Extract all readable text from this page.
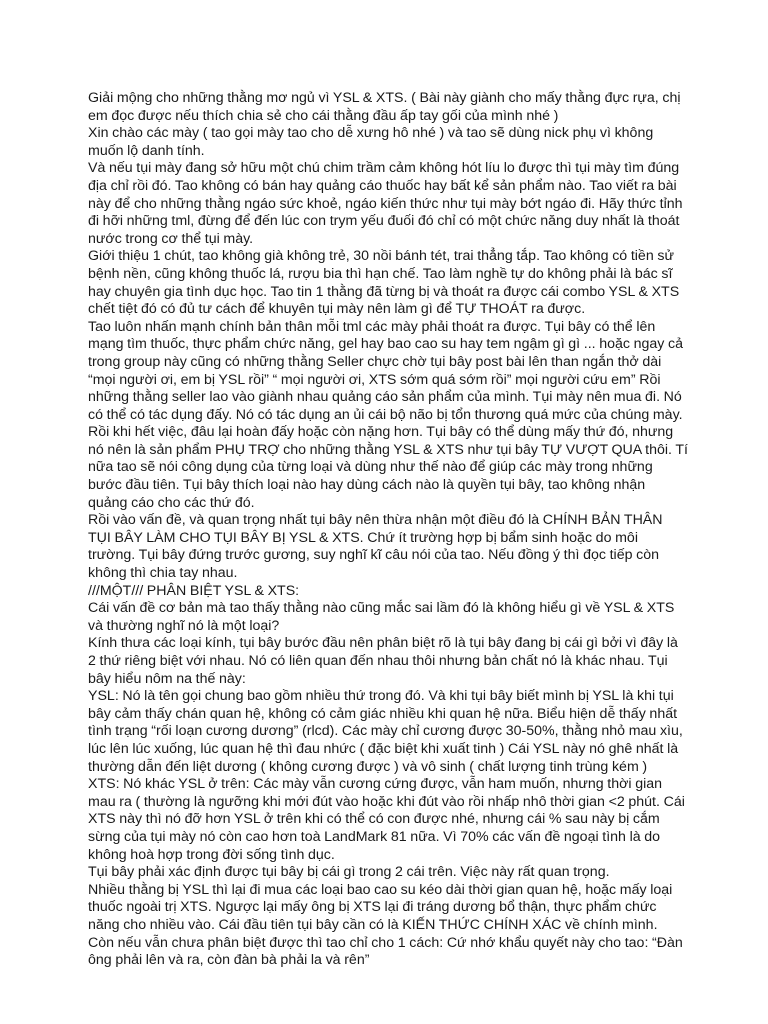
Giải mộng cho những thằng mơ ngủ vì YSL & XTS. ( Bài này giành cho mấy thằng đực rựa, chị em đọc được nếu thích chia sẻ cho cái thằng đầu ấp tay gối của mình nhé )

Xin chào các mày ( tao gọi mày tao cho dễ xưng hô nhé ) và tao sẽ dùng nick phụ vì không muốn lộ danh tính.

Và nếu tụi mày đang sở hữu một chú chim trầm cảm không hót líu lo được thì tụi mày tìm đúng địa chỉ rồi đó. Tao không có bán hay quảng cáo thuốc hay bất kể sản phẩm nào. Tao viết ra bài này để cho những thằng ngáo sức khoẻ, ngáo kiến thức như tụi mày bớt ngáo đi. Hãy thức tỉnh đi hỡi những tml, đừng để đến lúc con trym yếu đuối đó chỉ có một chức năng duy nhất là thoát nước trong cơ thể tụi mày.

Giới thiệu 1 chút, tao không già không trẻ, 30 nồi bánh tét, trai thẳng tắp. Tao không có tiền sử bệnh nền, cũng không thuốc lá, rượu bia thì hạn chế. Tao làm nghề tự do không phải là bác sĩ hay chuyên gia tình dục học. Tao tin 1 thằng đã từng bị và thoát ra được cái combo YSL & XTS chết tiệt đó có đủ tư cách để khuyên tụi mày nên làm gì để TỰ THOÁT ra được.

Tao luôn nhấn mạnh chính bản thân mỗi tml các mày phải thoát ra được. Tụi bây có thể lên mạng tìm thuốc, thực phẩm chức năng, gel hay bao cao su hay tem ngậm gì gì ... hoặc ngay cả trong group này cũng có những thằng Seller chực chờ tụi bây post bài lên than ngắn thở dài “mọi người ơi, em bị YSL rồi” “ mọi người ơi, XTS sớm quá sớm rồi” mọi người cứu em” Rồi những thằng seller lao vào giành nhau quảng cáo sản phẩm của mình. Tụi mày nên mua đi. Nó có thể có tác dụng đấy. Nó có tác dụng an ủi cái bộ não bị tổn thương quá mức của chúng mày. Rồi khi hết việc, đâu lại hoàn đấy hoặc còn nặng hơn. Tụi bây có thể dùng mấy thứ đó, nhưng nó nên là sản phẩm PHỤ TRỢ cho những thằng YSL & XTS như tụi bây TỰ VƯỢT QUA thôi. Tí nữa tao sẽ nói công dụng của từng loại và dùng như thế nào để giúp các mày trong những bước đầu tiên. Tụi bây thích loại nào hay dùng cách nào là quyền tụi bây, tao không nhận quảng cáo cho các thứ đó.

Rồi vào vấn đề, và quan trọng nhất tụi bây nên thừa nhận một điều đó là CHÍNH BẢN THÂN TỤI BÂY LÀM CHO TỤI BÂY BỊ YSL & XTS. Chứ ít trường hợp bị bẩm sinh hoặc do môi trường. Tụi bây đứng trước gương, suy nghĩ kĩ câu nói của tao. Nếu đồng ý thì đọc tiếp còn không thì chia tay nhau.

///MỘT/// PHÂN BIỆT YSL & XTS:

Cái vấn đề cơ bản mà tao thấy thằng nào cũng mắc sai lầm đó là không hiểu gì về YSL & XTS và thường nghĩ nó là một loại?

Kính thưa các loại kính, tụi bây bước đầu nên phân biệt rõ là tụi bây đang bị cái gì bởi vì đây là 2 thứ riêng biệt với nhau. Nó có liên quan đến nhau thôi nhưng bản chất nó là khác nhau. Tụi bây hiểu nôm na thế này:

YSL: Nó là tên gọi chung bao gồm nhiều thứ trong đó. Và khi tụi bây biết mình bị YSL là khi tụi bây cảm thấy chán quan hệ, không có cảm giác nhiều khi quan hệ nữa. Biểu hiện dễ thấy nhất tình trạng “rối loạn cương dương” (rlcd). Các mày chỉ cương được 30-50%, thằng nhỏ mau xìu, lúc lên lúc xuống, lúc quan hệ thì đau nhức ( đặc biệt khi xuất tinh ) Cái YSL này nó ghê nhất là thường dẫn đến liệt dương ( không cương được ) và vô sinh ( chất lượng tinh trùng kém )

XTS: Nó khác YSL ở trên: Các mày vẫn cương cứng được, vẫn ham muốn, nhưng thời gian mau ra ( thường là ngưỡng khi mới đút vào hoặc khi đút vào rồi nhấp nhô thời gian <2 phút. Cái XTS này thì nó đỡ hơn YSL ở trên khi có thể có con được nhé, nhưng cái % sau này bị cắm sừng của tụi mày nó còn cao hơn toà LandMark 81 nữa. Vì 70% các vấn đề ngoại tình là do không hoà hợp trong đời sống tình dục.

Tụi bây phải xác định được tụi bây bị cái gì trong 2 cái trên. Việc này rất quan trọng.

Nhiều thằng bị YSL thì lại đi mua các loại bao cao su kéo dài thời gian quan hệ, hoặc mấy loại thuốc ngoài trị XTS. Ngược lại mấy ông bị XTS lại đi tráng dương bổ thận, thực phẩm chức năng cho nhiều vào. Cái đầu tiên tụi bây cần có là KIẾN THỨC CHÍNH XÁC về chính mình.

Còn nếu vẫn chưa phân biệt được thì tao chỉ cho 1 cách: Cứ nhớ khẩu quyết này cho tao: “Đàn ông phải lên và ra, còn đàn bà phải la và rên”
